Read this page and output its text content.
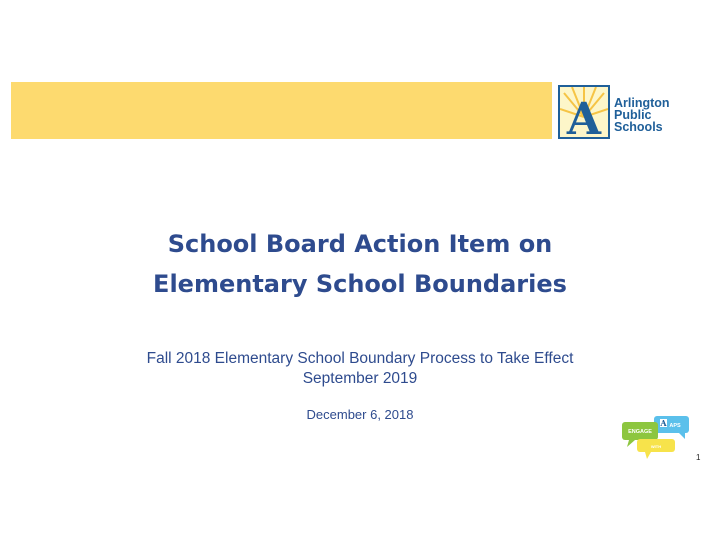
A Arlington
Public
Schools
School Board Action Item on
Elementary School Boundaries
Fall 2018 Elementary School Boundary Process to Take Effect
September 2019
December 6, 2018
A APS
ENGAGE
WITH
1
